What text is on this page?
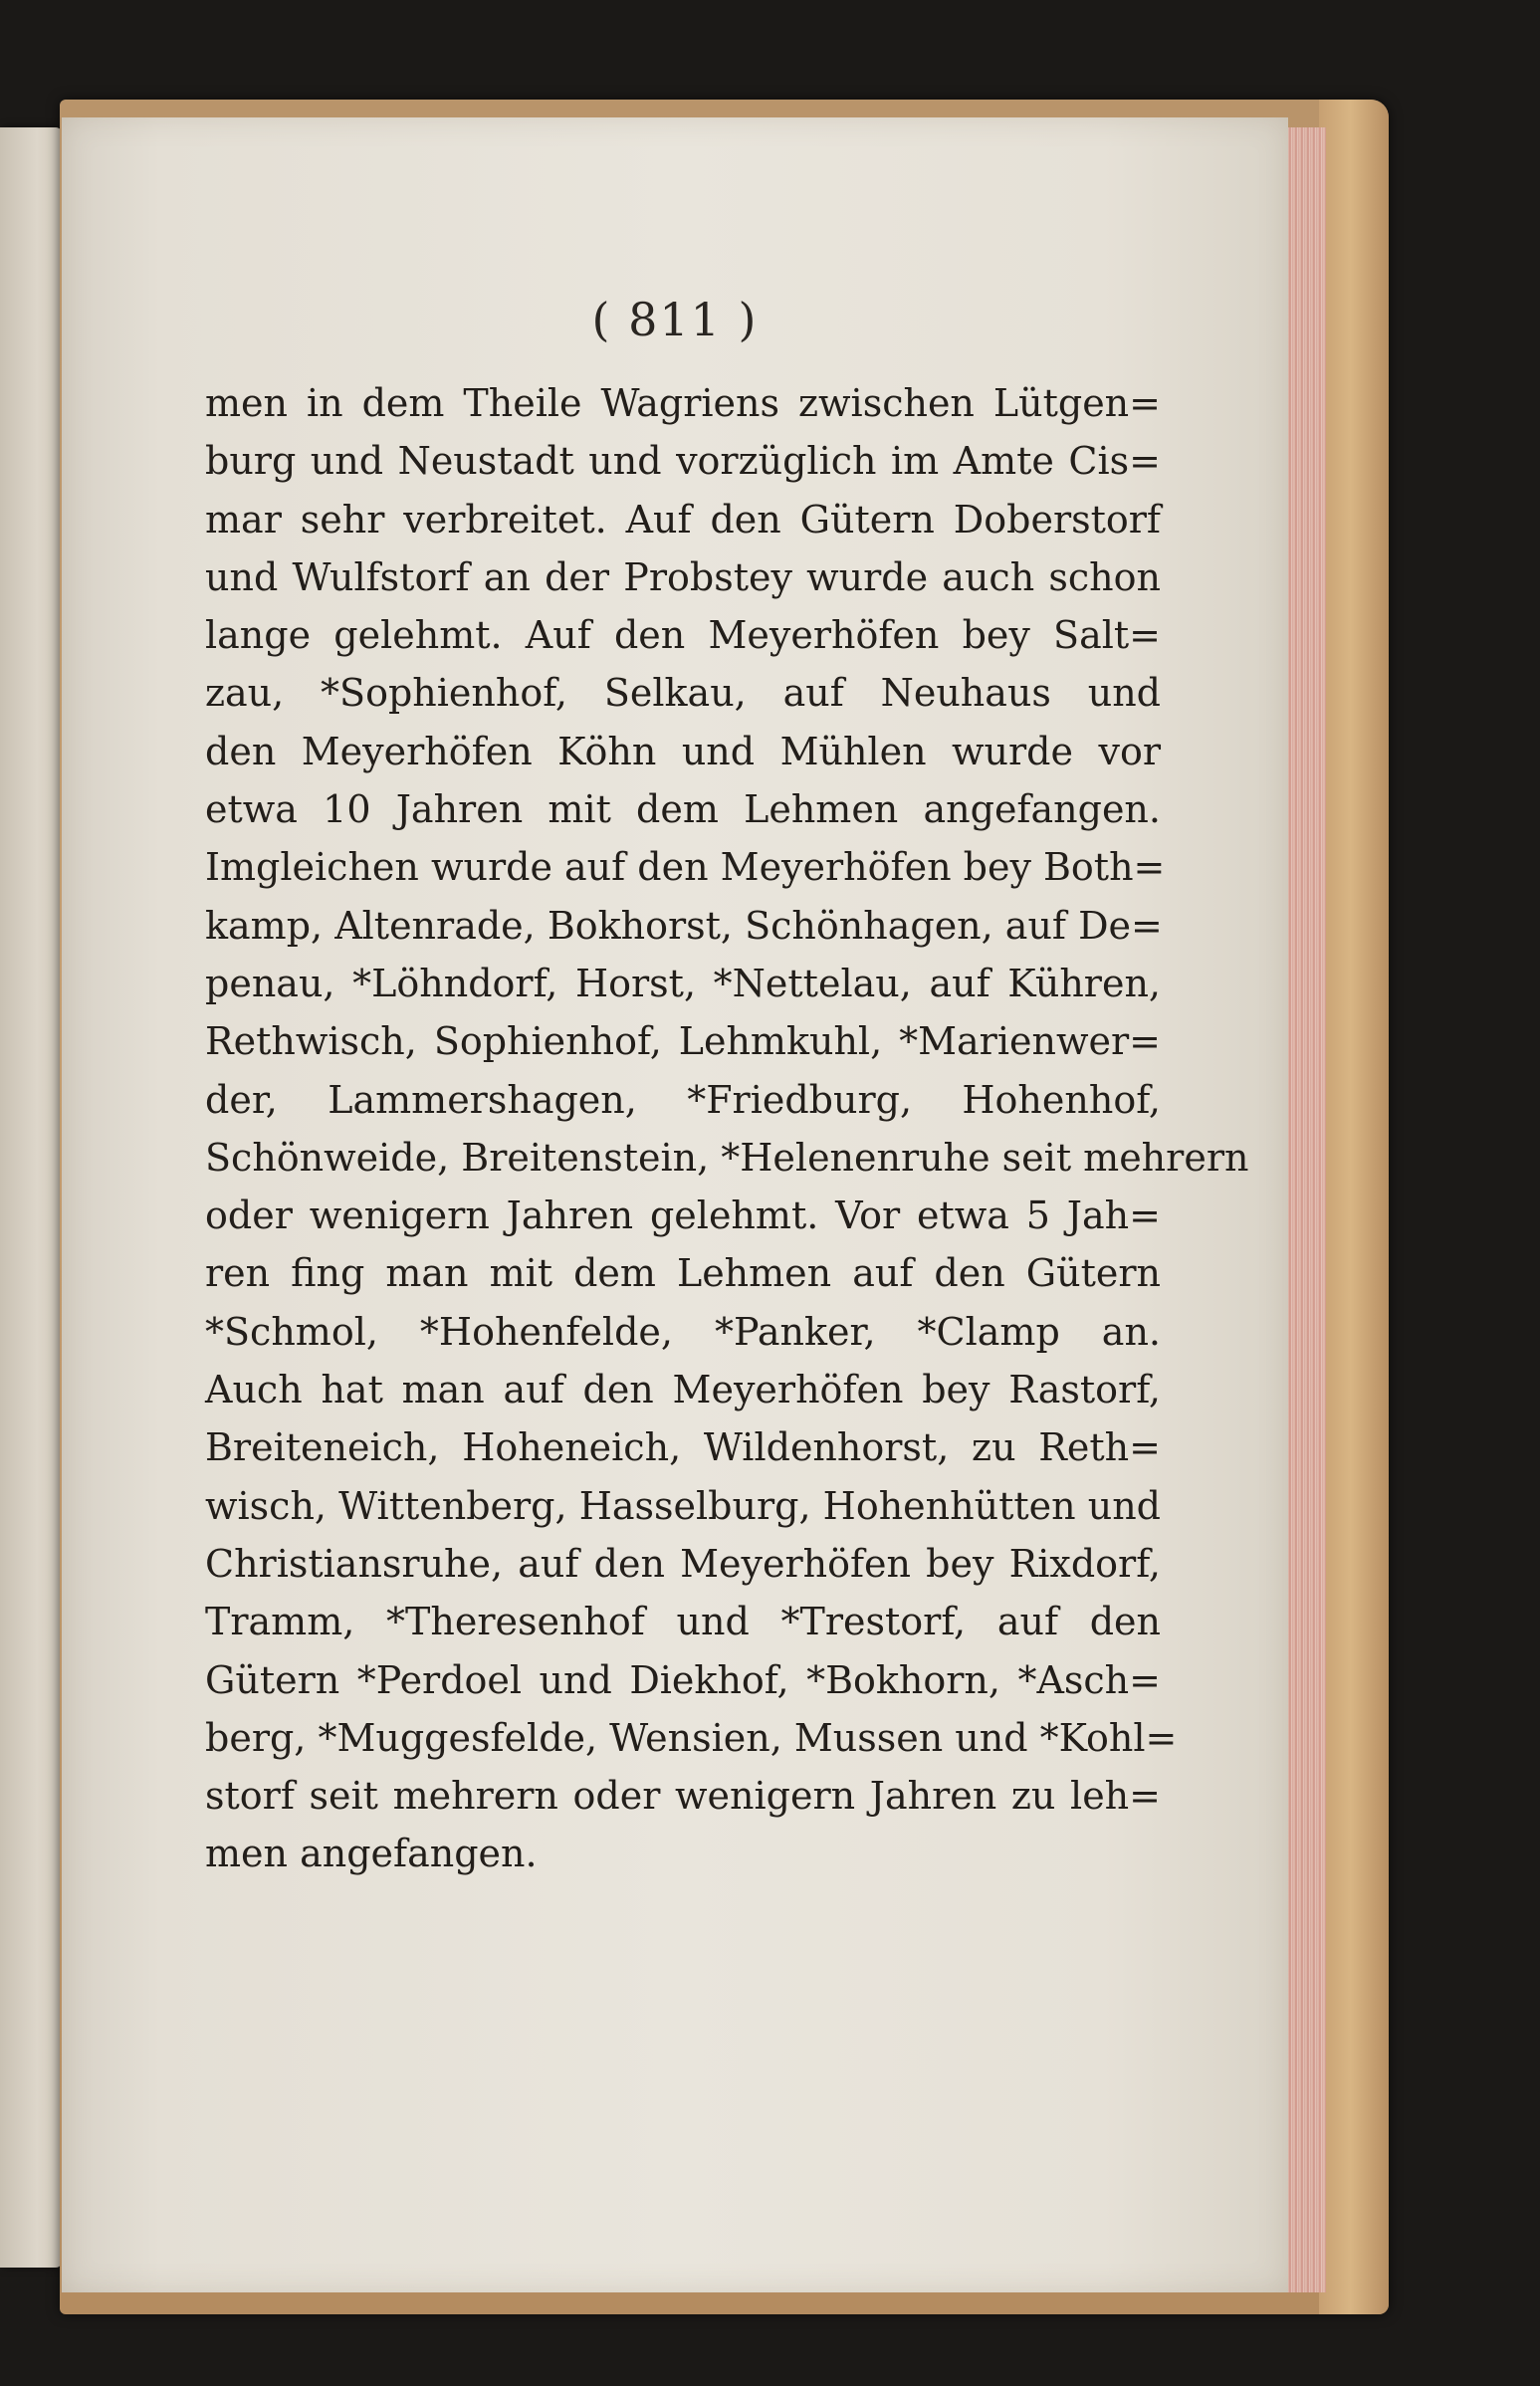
( 811 )
men in dem Theile Wagriens zwischen Lütgen=
burg und Neustadt und vorzüglich im Amte Cis=
mar sehr verbreitet. Auf den Gütern Doberstorf
und Wulfstorf an der Probstey wurde auch schon
lange gelehmt. Auf den Meyerhöfen bey Salt=
zau, *Sophienhof, Selkau, auf Neuhaus und
den Meyerhöfen Köhn und Mühlen wurde vor
etwa 10 Jahren mit dem Lehmen angefangen.
Imgleichen wurde auf den Meyerhöfen bey Both=
kamp, Altenrade, Bokhorst, Schönhagen, auf De=
penau, *Löhndorf, Horst, *Nettelau, auf Kühren,
Rethwisch, Sophienhof, Lehmkuhl, *Marienwer=
der, Lammershagen, *Friedburg, Hohenhof,
Schönweide, Breitenstein, *Helenenruhe seit mehrern
oder wenigern Jahren gelehmt. Vor etwa 5 Jah=
ren fing man mit dem Lehmen auf den Gütern
*Schmol, *Hohenfelde, *Panker, *Clamp an.
Auch hat man auf den Meyerhöfen bey Rastorf,
Breiteneich, Hoheneich, Wildenhorst, zu Reth=
wisch, Wittenberg, Hasselburg, Hohenhütten und
Christiansruhe, auf den Meyerhöfen bey Rixdorf,
Tramm, *Theresenhof und *Trestorf, auf den
Gütern *Perdoel und Diekhof, *Bokhorn, *Asch=
berg, *Muggesfelde, Wensien, Mussen und *Kohl=
storf seit mehrern oder wenigern Jahren zu leh=
men angefangen.
